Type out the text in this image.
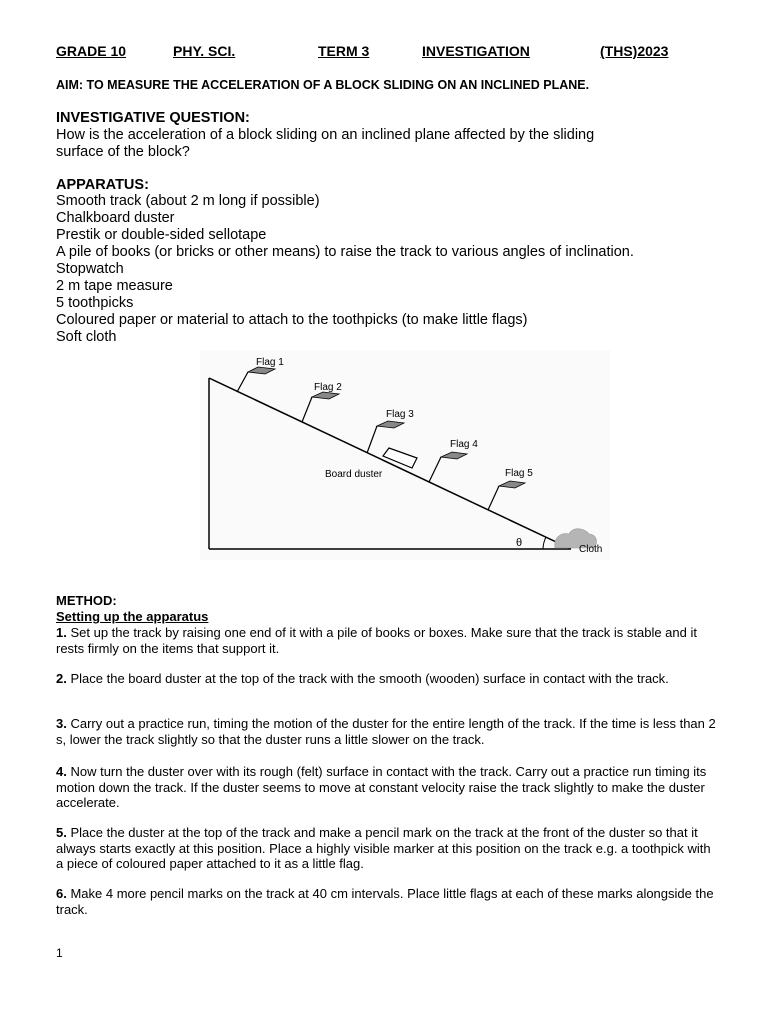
GRADE 10	PHY. SCI.	TERM 3	INVESTIGATION	(THS)2023
AIM: TO MEASURE THE ACCELERATION OF A BLOCK SLIDING ON AN INCLINED PLANE.
INVESTIGATIVE QUESTION:
How is the acceleration of a block sliding on an inclined plane affected by the sliding
surface of the block?
APPARATUS:
Smooth track (about 2 m long if possible)
Chalkboard duster
Prestik or double-sided sellotape
A pile of books (or bricks or other means) to raise the track to various angles of inclination.
Stopwatch
2 m tape measure
5 toothpicks
Coloured paper or material to attach to the toothpicks (to make little flags)
Soft cloth
Flag 1
Flag 2
Flag 3
Flag 4
Flag 5
Board duster
θ
Cloth
METHOD:
Setting up the apparatus
1. Set up the track by raising one end of it with a pile of books or boxes. Make sure that the track is stable and it rests firmly on the items that support it.
2. Place the board duster at the top of the track with the smooth (wooden) surface in contact with the track.
3. Carry out a practice run, timing the motion of the duster for the entire length of the track. If the time is less than 2 s, lower the track slightly so that the duster runs a little slower on the track.
4. Now turn the duster over with its rough (felt) surface in contact with the track. Carry out a practice run timing its motion down the track. If the duster seems to move at constant velocity raise the track slightly to make the duster accelerate.
5. Place the duster at the top of the track and make a pencil mark on the track at the front of the duster so that it always starts exactly at this position. Place a highly visible marker at this position on the track e.g. a toothpick with a piece of coloured paper attached to it as a little flag.
6. Make 4 more pencil marks on the track at 40 cm intervals. Place little flags at each of these marks alongside the track.
1
